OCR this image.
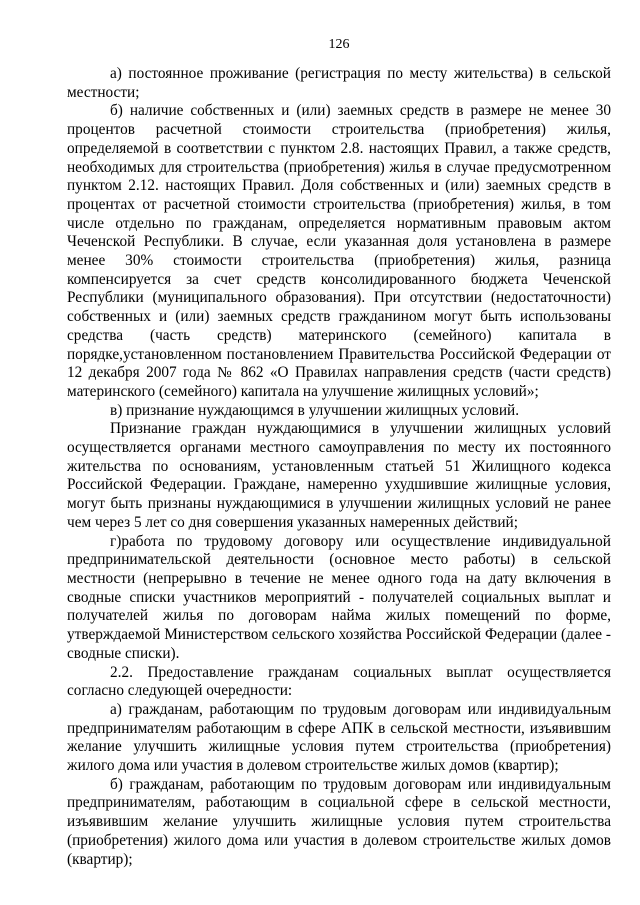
126

а) постоянное проживание (регистрация по месту жительства) в сельской местности;

б) наличие собственных и (или) заемных средств в размере не менее 30 процентов расчетной стоимости строительства (приобретения) жилья, определяемой в соответствии с пунктом 2.8. настоящих Правил, а также средств, необходимых для строительства (приобретения) жилья в случае предусмотренном пунктом 2.12. настоящих Правил. Доля собственных и (или) заемных средств в процентах от расчетной стоимости строительства (приобретения) жилья, в том числе отдельно по гражданам, определяется нормативным правовым актом Чеченской Республики. В случае, если указанная доля установлена в размере менее 30% стоимости строительства (приобретения) жилья, разница компенсируется за счет средств консолидированного бюджета Чеченской Республики (муниципального образования). При отсутствии (недостаточности) собственных и (или) заемных средств гражданином могут быть использованы средства (часть средств) материнского (семейного) капитала в порядке,установленном постановлением Правительства Российской Федерации от 12 декабря 2007 года № 862 «О Правилах направления средств (части средств) материнского (семейного) капитала на улучшение жилищных условий»;

в) признание нуждающимся в улучшении жилищных условий.

Признание граждан нуждающимися в улучшении жилищных условий осуществляется органами местного самоуправления по месту их постоянного жительства по основаниям, установленным статьей 51 Жилищного кодекса Российской Федерации. Граждане, намеренно ухудшившие жилищные условия, могут быть признаны нуждающимися в улучшении жилищных условий не ранее чем через 5 лет со дня совершения указанных намеренных действий;

г)работа по трудовому договору или осуществление индивидуальной предпринимательской деятельности (основное место работы) в сельской местности (непрерывно в течение не менее одного года на дату включения в сводные списки участников мероприятий - получателей социальных выплат и получателей жилья по договорам найма жилых помещений по форме, утверждаемой Министерством сельского хозяйства Российской Федерации (далее - сводные списки).

2.2. Предоставление гражданам социальных выплат осуществляется согласно следующей очередности:

а) гражданам, работающим по трудовым договорам или индивидуальным предпринимателям работающим в сфере АПК в сельской местности, изъявившим желание улучшить жилищные условия путем строительства (приобретения) жилого дома или участия в долевом строительстве жилых домов (квартир);

б) гражданам, работающим по трудовым договорам или индивидуальным предпринимателям, работающим в социальной сфере в сельской местности, изъявившим желание улучшить жилищные условия путем строительства (приобретения) жилого дома или участия в долевом строительстве жилых домов (квартир);
